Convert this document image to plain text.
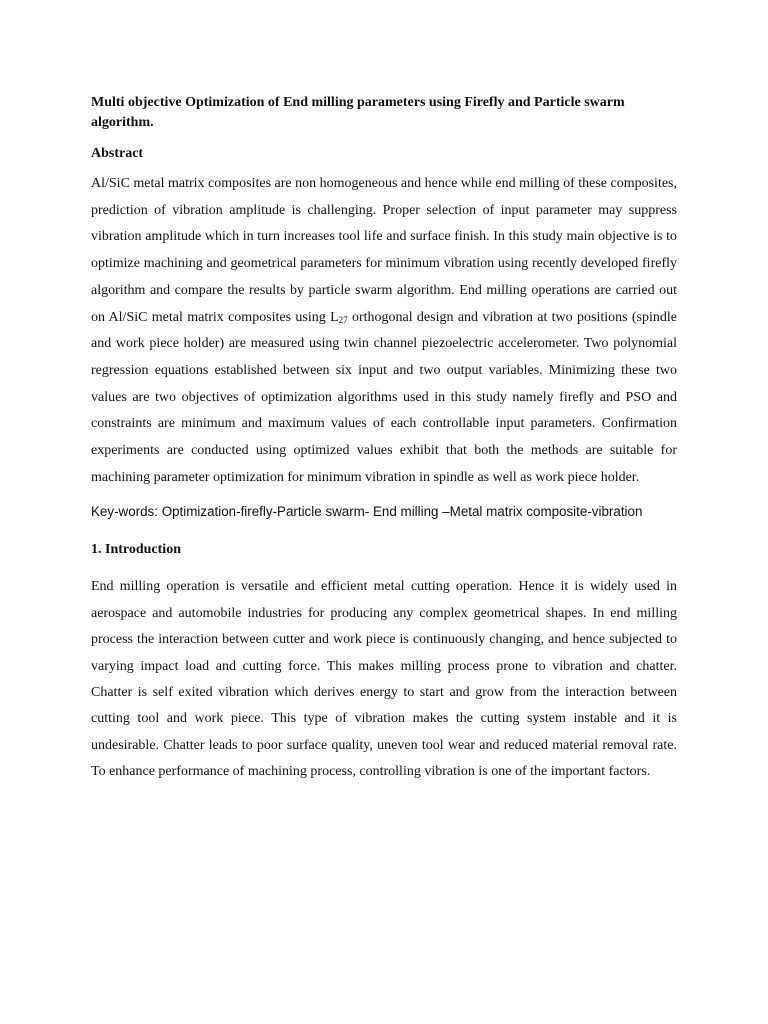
Multi objective Optimization of End milling parameters using Firefly and Particle swarm algorithm.

Abstract

Al/SiC metal matrix composites are non homogeneous and hence while end milling of these composites, prediction of vibration amplitude is challenging. Proper selection of input parameter may suppress vibration amplitude which in turn increases tool life and surface finish. In this study main objective is to optimize machining and geometrical parameters for minimum vibration using recently developed firefly algorithm and compare the results by particle swarm algorithm. End milling operations are carried out on Al/SiC metal matrix composites using $L_{27}$ orthogonal design and vibration at two positions (spindle and work piece holder) are measured using twin channel piezoelectric accelerometer. Two polynomial regression equations established between six input and two output variables. Minimizing these two values are two objectives of optimization algorithms used in this study namely firefly and PSO and constraints are minimum and maximum values of each controllable input parameters. Confirmation experiments are conducted using optimized values exhibit that both the methods are suitable for machining parameter optimization for minimum vibration in spindle as well as work piece holder.

Key-words: Optimization-firefly-Particle swarm- End milling –Metal matrix composite-vibration

1. Introduction

End milling operation is versatile and efficient metal cutting operation. Hence it is widely used in aerospace and automobile industries for producing any complex geometrical shapes. In end milling process the interaction between cutter and work piece is continuously changing, and hence subjected to varying impact load and cutting force. This makes milling process prone to vibration and chatter. Chatter is self exited vibration which derives energy to start and grow from the interaction between cutting tool and work piece. This type of vibration makes the cutting system instable and it is undesirable. Chatter leads to poor surface quality, uneven tool wear and reduced material removal rate. To enhance performance of machining process, controlling vibration is one of the important factors.
